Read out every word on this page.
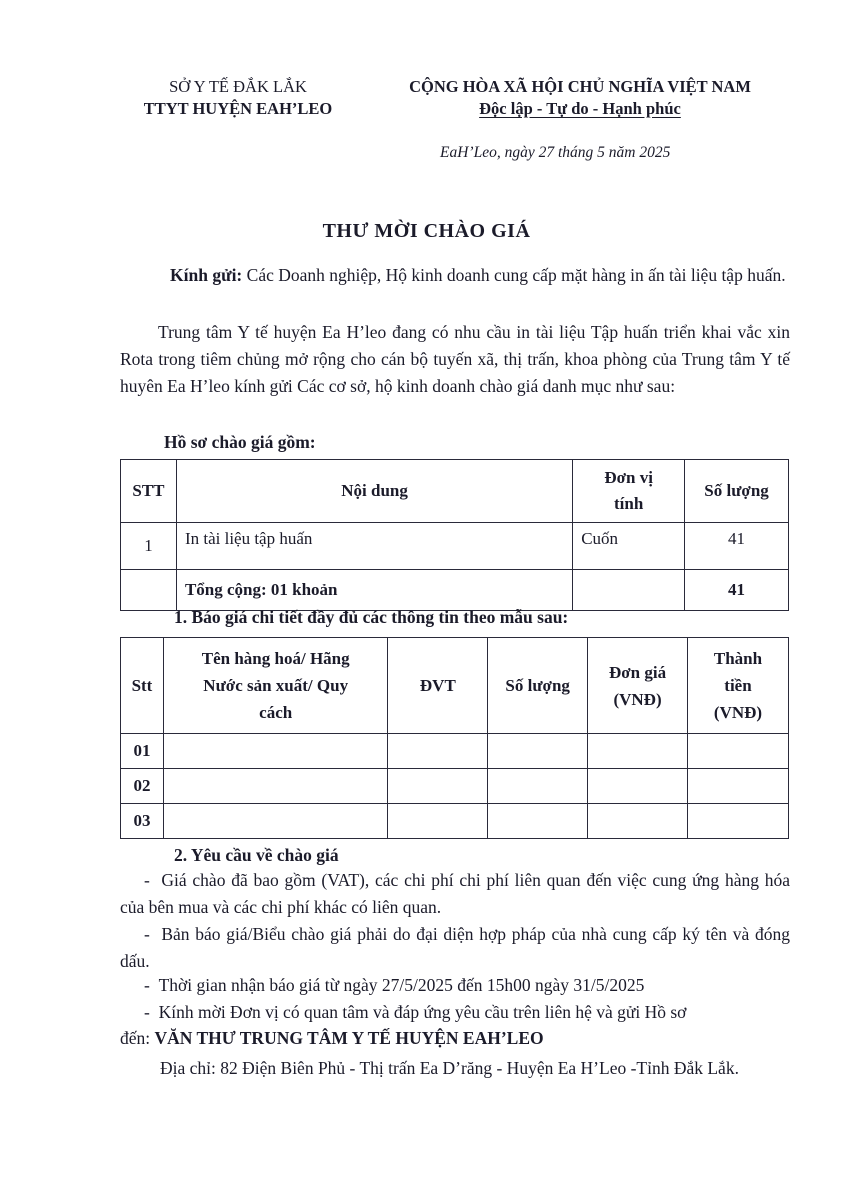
SỞ Y TẾ ĐẮK LẮK
TTYT HUYỆN EAH’LEO
CỘNG HÒA XÃ HỘI CHỦ NGHĨA VIỆT NAM
Độc lập - Tự do - Hạnh phúc
EaH’Leo, ngày 27 tháng 5 năm 2025
THƯ MỜI CHÀO GIÁ
Kính gửi: Các Doanh nghiệp, Hộ kinh doanh cung cấp mặt hàng in ấn tài liệu tập huấn.
Trung tâm Y tế huyện Ea H’leo đang có nhu cầu in tài liệu Tập huấn triển khai vắc xin Rota trong tiêm chủng mở rộng cho cán bộ tuyến xã, thị trấn, khoa phòng của Trung tâm Y tế huyên Ea H’leo kính gửi Các cơ sở, hộ kinh doanh chào giá danh mục như sau:
Hồ sơ chào giá gồm:
STT	Nội dung	Đơn vị tính	Số lượng
1	In tài liệu tập huấn	Cuốn	41
	Tổng cộng: 01 khoản		41
1. Báo giá chi tiết đầy đủ các thông tin theo mẫu sau:
Stt	Tên hàng hoá/ Hãng Nước sản xuất/ Quy cách	ĐVT	Số lượng	Đơn giá (VNĐ)	Thành tiền (VNĐ)
01					
02					
03					
2. Yêu cầu về chào giá
-  Giá chào đã bao gồm (VAT), các chi phí chi phí liên quan đến việc cung ứng hàng hóa của bên mua và các chi phí khác có liên quan.
-  Bản báo giá/Biểu chào giá phải do đại diện hợp pháp của nhà cung cấp ký tên và đóng dấu.
-  Thời gian nhận báo giá từ ngày 27/5/2025 đến 15h00 ngày 31/5/2025
-  Kính mời Đơn vị có quan tâm và đáp ứng yêu cầu trên liên hệ và gửi Hồ sơ
đến: VĂN THƯ TRUNG TÂM Y TẾ HUYỆN EAH’LEO
Địa chỉ: 82 Điện Biên Phủ - Thị trấn Ea D’răng - Huyện Ea H’Leo -Tỉnh Đắk Lắk.
